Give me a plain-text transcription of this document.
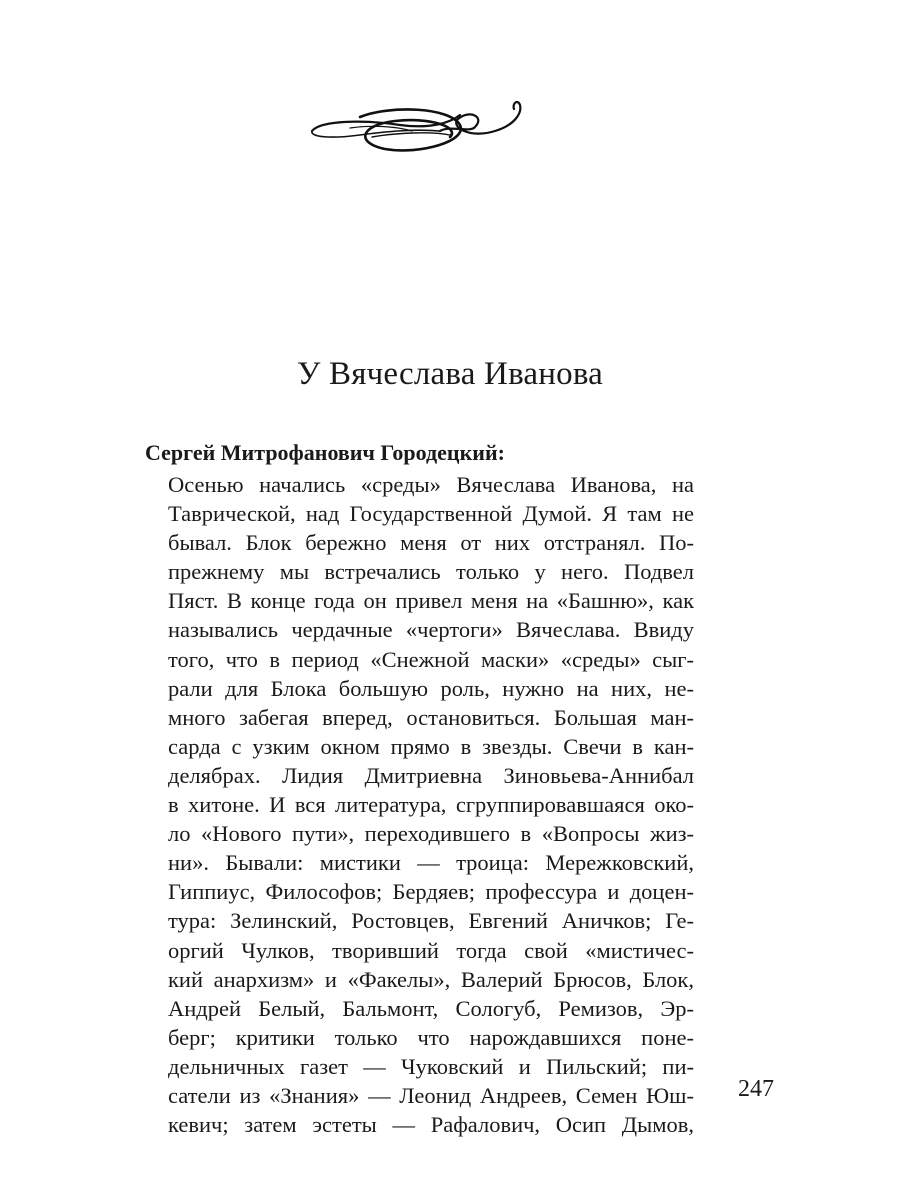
У Вячеслава Иванова

Сергей Митрофанович Городецкий:

Осенью начались «среды» Вячеслава Иванова, на
Таврической, над Государственной Думой. Я там не
бывал. Блок бережно меня от них отстранял. По-
прежнему мы встречались только у него. Подвел
Пяст. В конце года он привел меня на «Башню», как
назывались чердачные «чертоги» Вячеслава. Ввиду
того, что в период «Снежной маски» «среды» сыг-
рали для Блока большую роль, нужно на них, не-
много забегая вперед, остановиться. Большая ман-
сарда с узким окном прямо в звезды. Свечи в кан-
делябрах. Лидия Дмитриевна Зиновьева-Аннибал
в хитоне. И вся литература, сгруппировавшаяся око-
ло «Нового пути», переходившего в «Вопросы жиз-
ни». Бывали: мистики — троица: Мережковский,
Гиппиус, Философов; Бердяев; профессура и доцен-
тура: Зелинский, Ростовцев, Евгений Аничков; Ге-
оргий Чулков, творивший тогда свой «мистичес-
кий анархизм» и «Факелы», Валерий Брюсов, Блок,
Андрей Белый, Бальмонт, Сологуб, Ремизов, Эр-
берг; критики только что нарождавшихся поне-
дельничных газет — Чуковский и Пильский; пи-
сатели из «Знания» — Леонид Андреев, Семен Юш-
кевич; затем эстеты — Рафалович, Осип Дымов,

247
